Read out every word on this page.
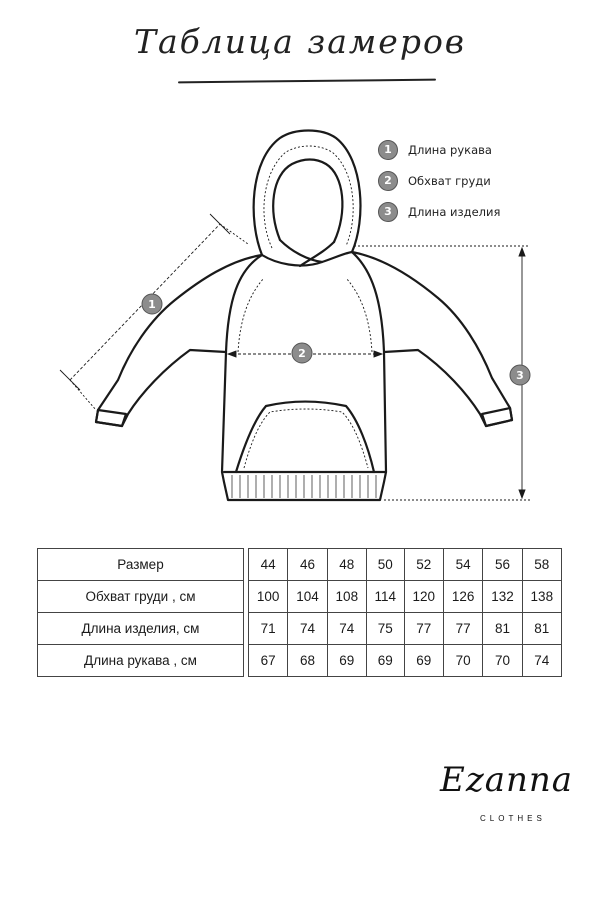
Таблица замеров
1
2
3
1	Длина рукава
2	Обхват груди
3	Длина изделия
Размер		44	46	48	50	52	54	56	58
Обхват груди , см		100	104	108	114	120	126	132	138
Длина изделия, см		71	74	74	75	77	77	81	81
Длина рукава , см		67	68	69	69	69	70	70	74
Ezanna
CLOTHES
